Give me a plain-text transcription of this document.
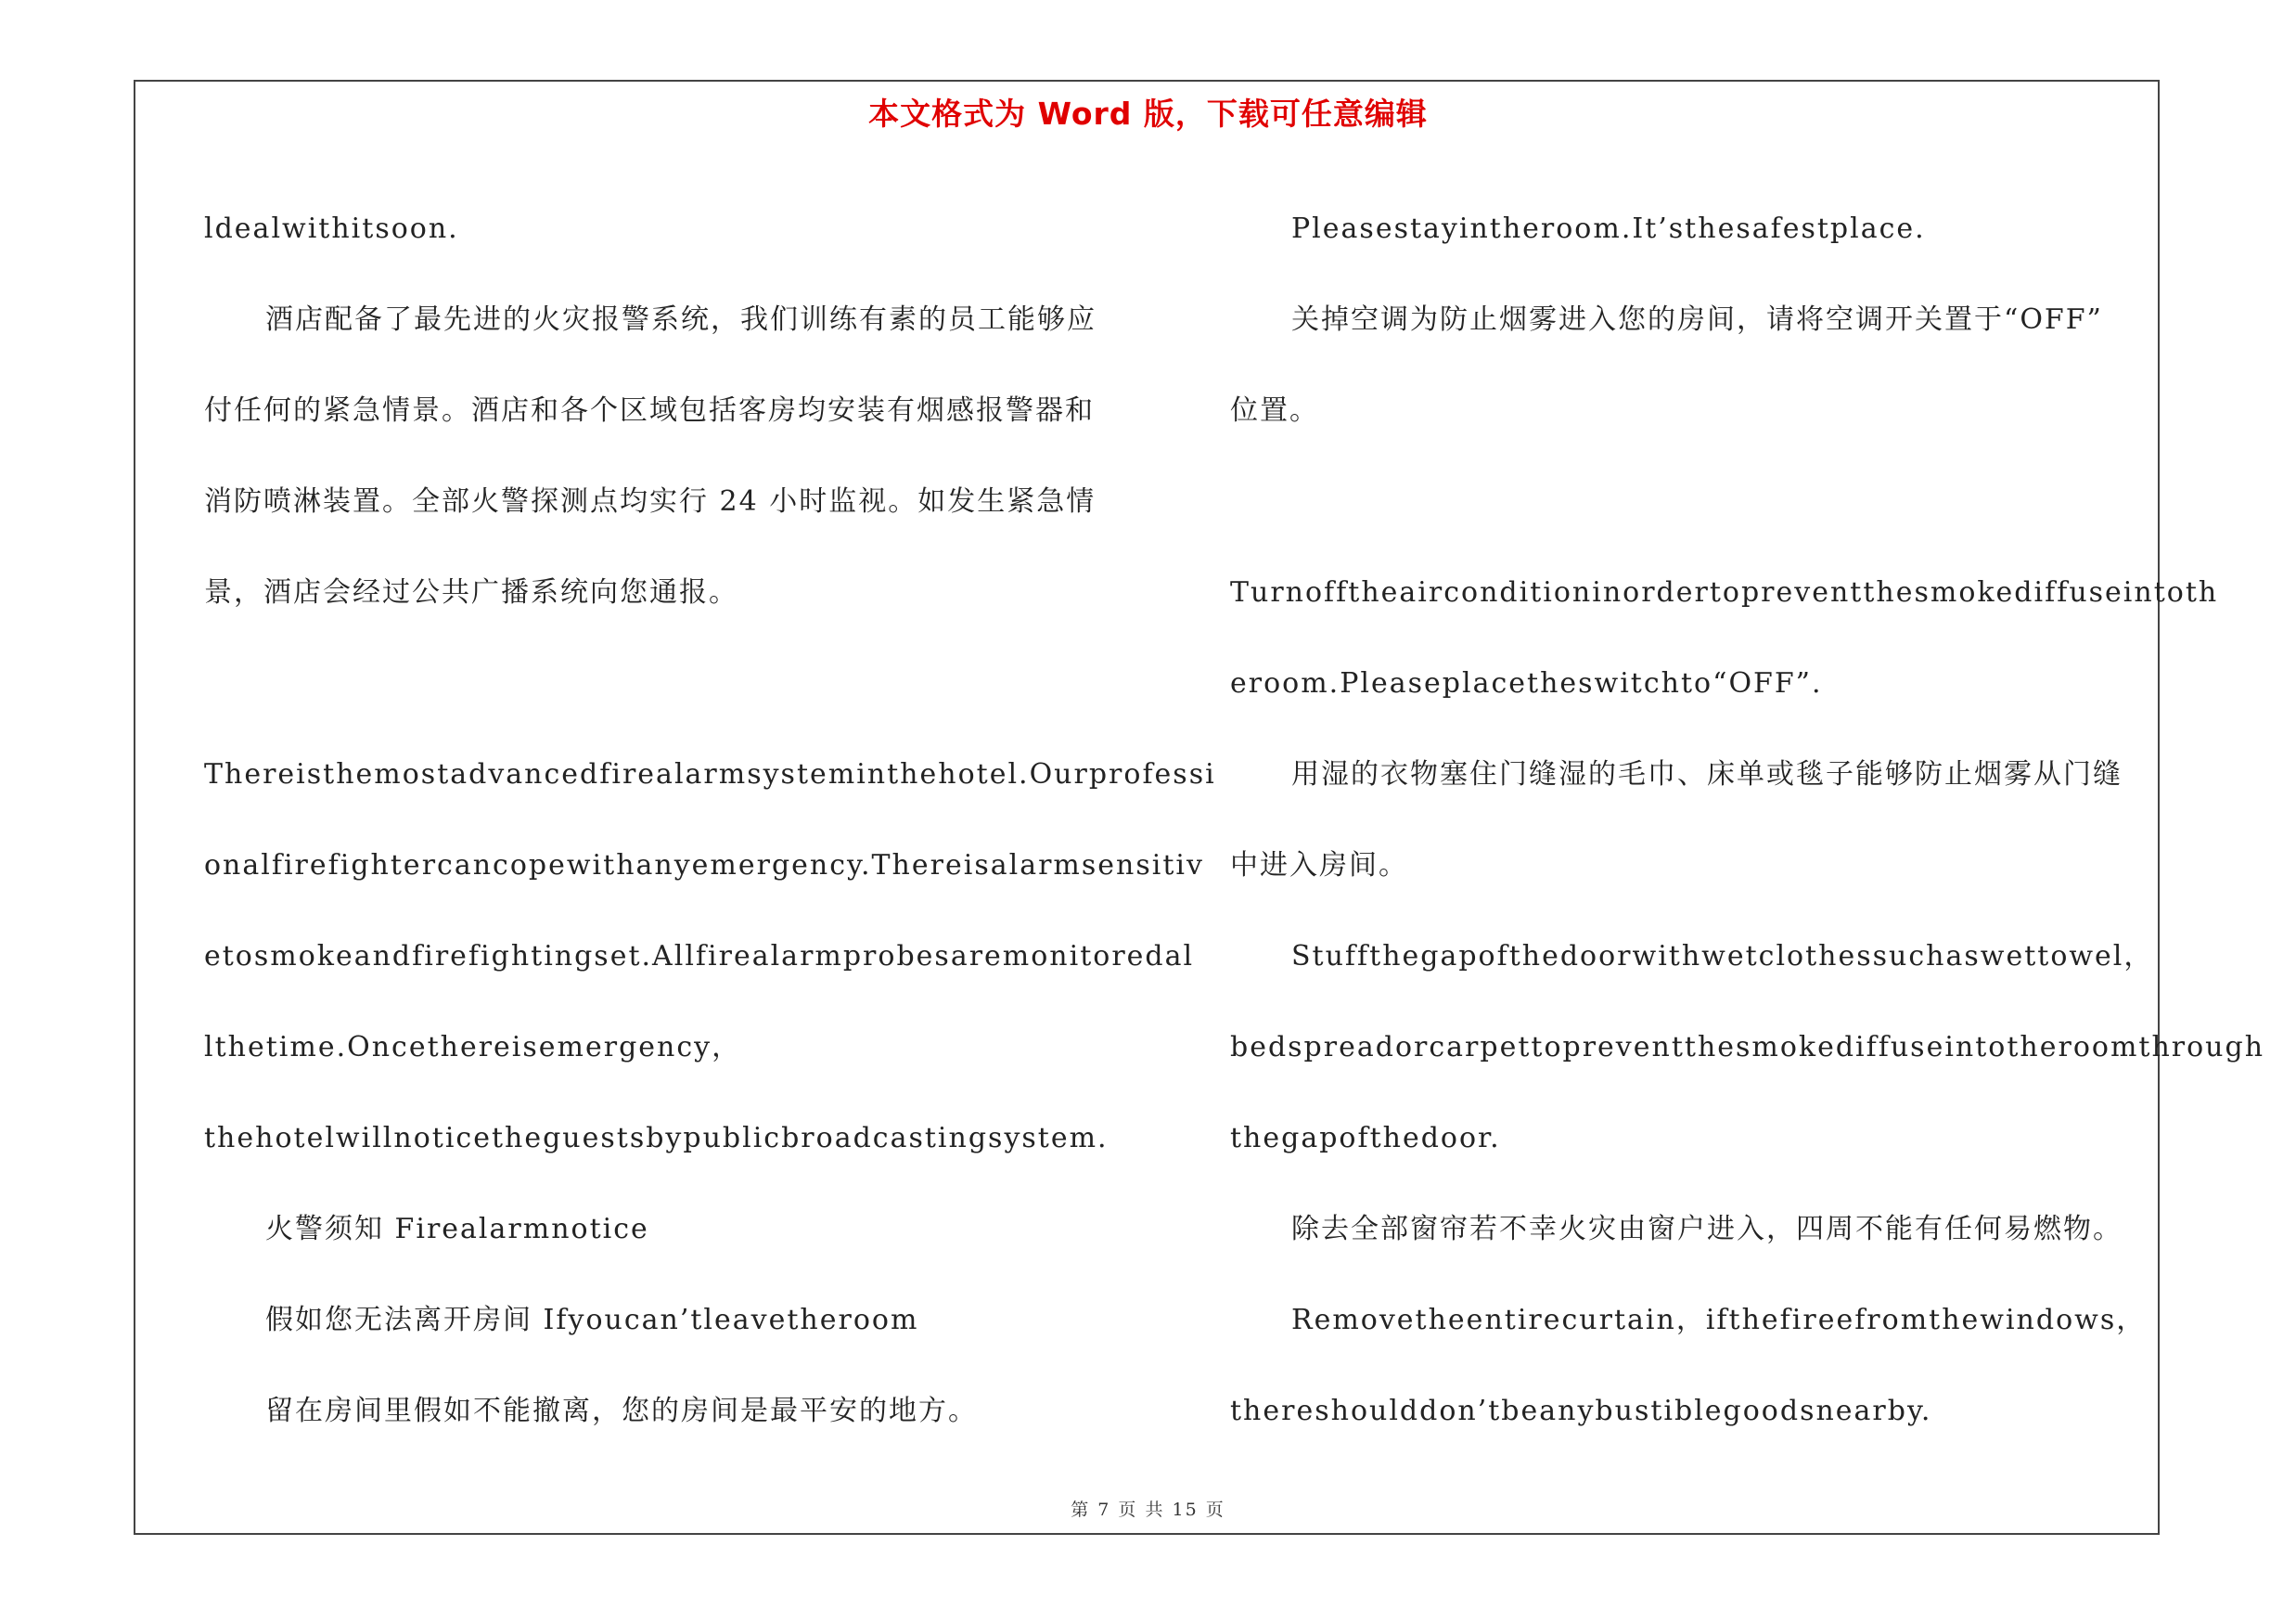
本文格式为 Word 版，下载可任意编辑
ldealwithitsoon.
酒店配备了最先进的火灾报警系统，我们训练有素的员工能够应
付任何的紧急情景。酒店和各个区域包括客房均安装有烟感报警器和
消防喷淋装置。全部火警探测点均实行 24 小时监视。如发生紧急情
景，酒店会经过公共广播系统向您通报。
Thereisthemostadvancedfirealarmsysteminthehotel.Ourprofessi
onalfirefightercancopewithanyemergency.Thereisalarmsensitiv
etosmokeandfirefightingset.Allfirealarmprobesaremonitoredal
lthetime.Oncethereisemergency，
thehotelwillnoticetheguestsbypublicbroadcastingsystem.
火警须知 Firealarmnotice
假如您无法离开房间 Ifyoucan’tleavetheroom
留在房间里假如不能撤离，您的房间是最平安的地方。
Pleasestayintheroom.It’sthesafestplace.
关掉空调为防止烟雾进入您的房间，请将空调开关置于“OFF”
位置。
Turnofftheairconditioninordertopreventthesmokediffuseintoth
eroom.Pleaseplacetheswitchto“OFF”.
用湿的衣物塞住门缝湿的毛巾、床单或毯子能够防止烟雾从门缝
中进入房间。
Stuffthegapofthedoorwithwetclothessuchaswettowel，
bedspreadorcarpettopreventthesmokediffuseintotheroomthrough
thegapofthedoor.
除去全部窗帘若不幸火灾由窗户进入，四周不能有任何易燃物。
Removetheentirecurtain，ifthefireefromthewindows，
thereshoulddon’tbeanybustiblegoodsnearby.
第 7 页 共 15 页
